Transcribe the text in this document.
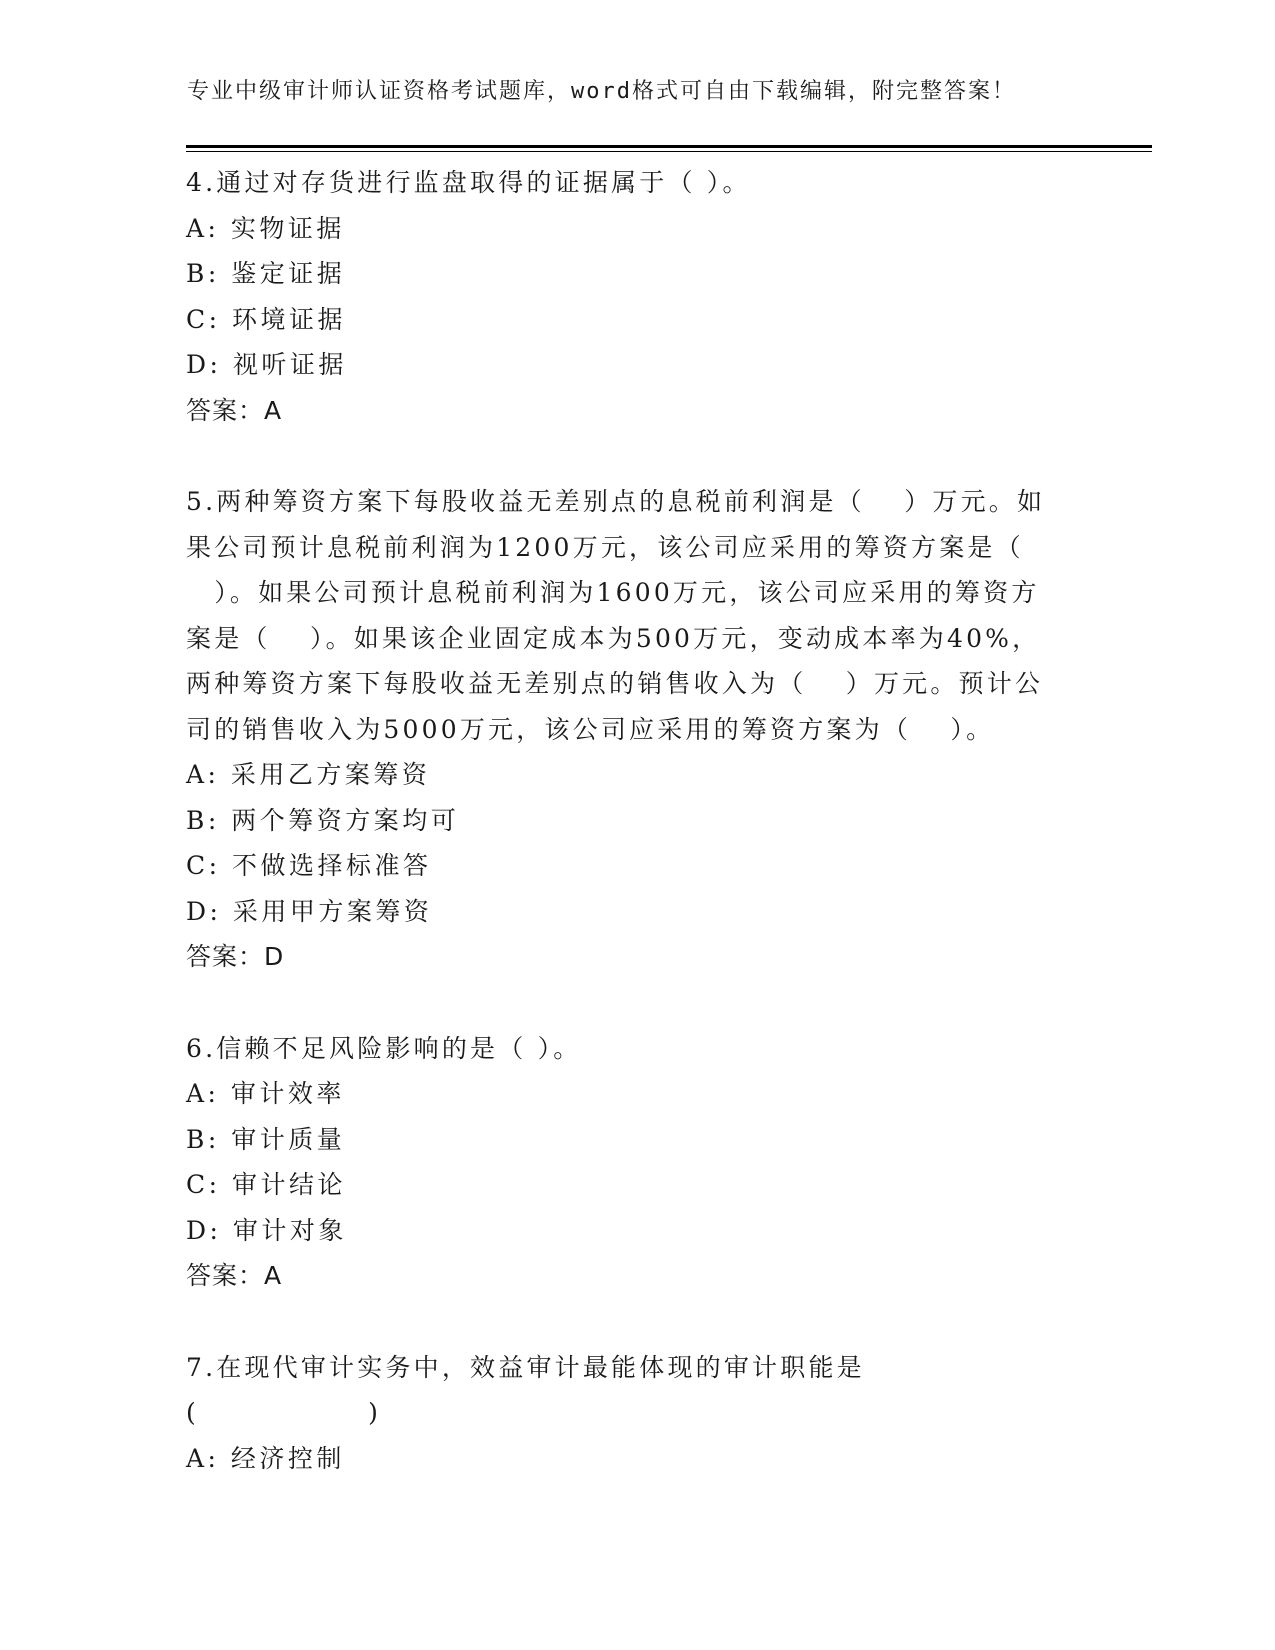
专业中级审计师认证资格考试题库，word格式可自由下载编辑，附完整答案！
4.通过对存货进行监盘取得的证据属于（ ）。
A: 实物证据
B: 鉴定证据
C: 环境证据
D: 视听证据
答案：A
5.两种筹资方案下每股收益无差别点的息税前利润是（　 ）万元。如
果公司预计息税前利润为1200万元，该公司应采用的筹资方案是（
　）。如果公司预计息税前利润为1600万元，该公司应采用的筹资方
案是（　 ）。如果该企业固定成本为500万元，变动成本率为40%，
两种筹资方案下每股收益无差别点的销售收入为（　 ）万元。预计公
司的销售收入为5000万元，该公司应采用的筹资方案为（　 ）。
A: 采用乙方案筹资
B: 两个筹资方案均可
C: 不做选择标准答
D: 采用甲方案筹资
答案：D
6.信赖不足风险影响的是（ ）。
A: 审计效率
B: 审计质量
C: 审计结论
D: 审计对象
答案：A
7.在现代审计实务中，效益审计最能体现的审计职能是
(　　　　　　)
A: 经济控制
